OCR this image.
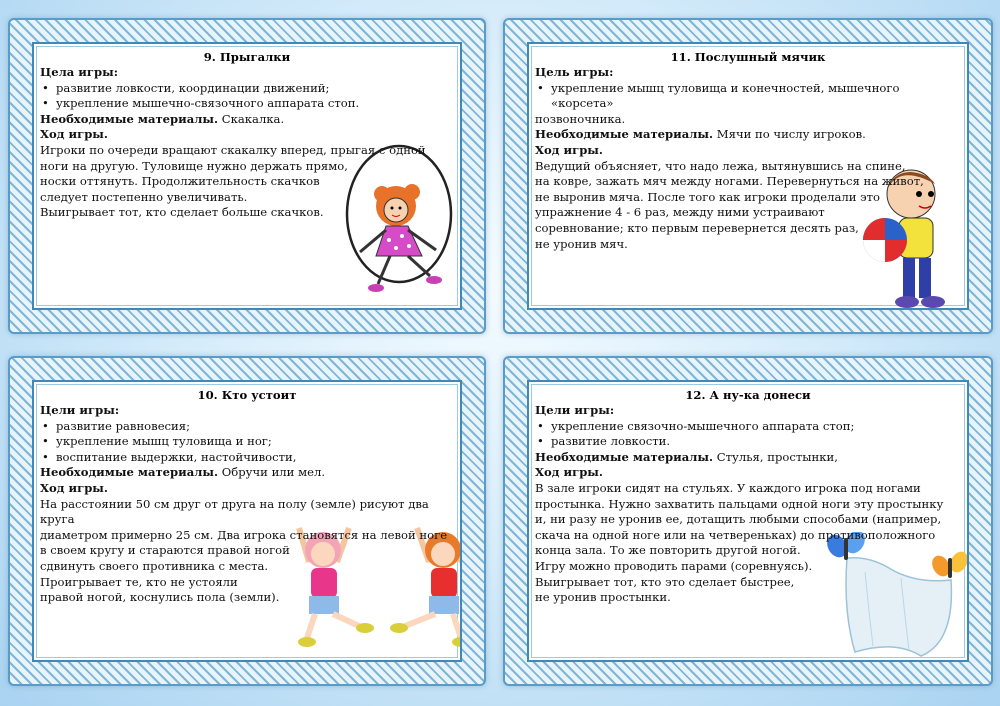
9. Прыгалки
Цела игры:
• развитие ловкости, координации движений;
• укрепление мышечно-связочного аппарата стоп.
Необходимые материалы. Скакалка.
Ход игры.
Игроки по очереди вращают скакалку вперед, прыгая с одной
ноги на другую. Туловище нужно держать прямо,
носки оттянуть. Продолжительность скачков
следует постепенно увеличивать.
Выигрывает тот, кто сделает больше скачков.
11. Послушный мячик
Цель игры:
• укрепление мышц туловища и конечностей, мышечного «корсета»
позвоночника.
Необходимые материалы. Мячи по числу игроков.
Ход игры.
Ведущий объясняет, что надо лежа, вытянувшись на спине,
на ковре, зажать мяч между ногами. Перевернуться на живот,
не выронив мяча. После того как игроки проделали это
упражнение 4 - 6 раз, между ними устраивают
соревнование; кто первым перевернется десять раз,
не уронив мяч.
10. Кто устоит
Цели игры:
• развитие равновесия;
• укрепление мышц туловища и ног;
• воспитание выдержки, настойчивости,
Необходимые материалы. Обручи или мел.
Ход игры.
На расстоянии 50 см друг от друга на полу (земле) рисуют два круга
диаметром примерно 25 см. Два игрока становятся на левой ноге
в своем кругу и стараются правой ногой
сдвинуть своего противника с места.
Проигрывает те, кто не устояли
правой ногой, коснулись пола (земли).
12. А ну-ка донеси
Цели игры:
• укрепление связочно-мышечного аппарата стоп;
• развитие ловкости.
Необходимые материалы. Стулья, простынки,
Ход игры.
В зале игроки сидят на стульях. У каждого игрока под ногами
простынка. Нужно захватить пальцами одной ноги эту простынку
и, ни разу не уронив ее, дотащить любыми способами (например,
скача на одной ноге или на четвереньках) до противоположного
конца зала. То же повторить другой ногой.
Игру можно проводить парами (соревнуясь).
Выигрывает тот, кто это сделает быстрее,
не уронив простынки.
